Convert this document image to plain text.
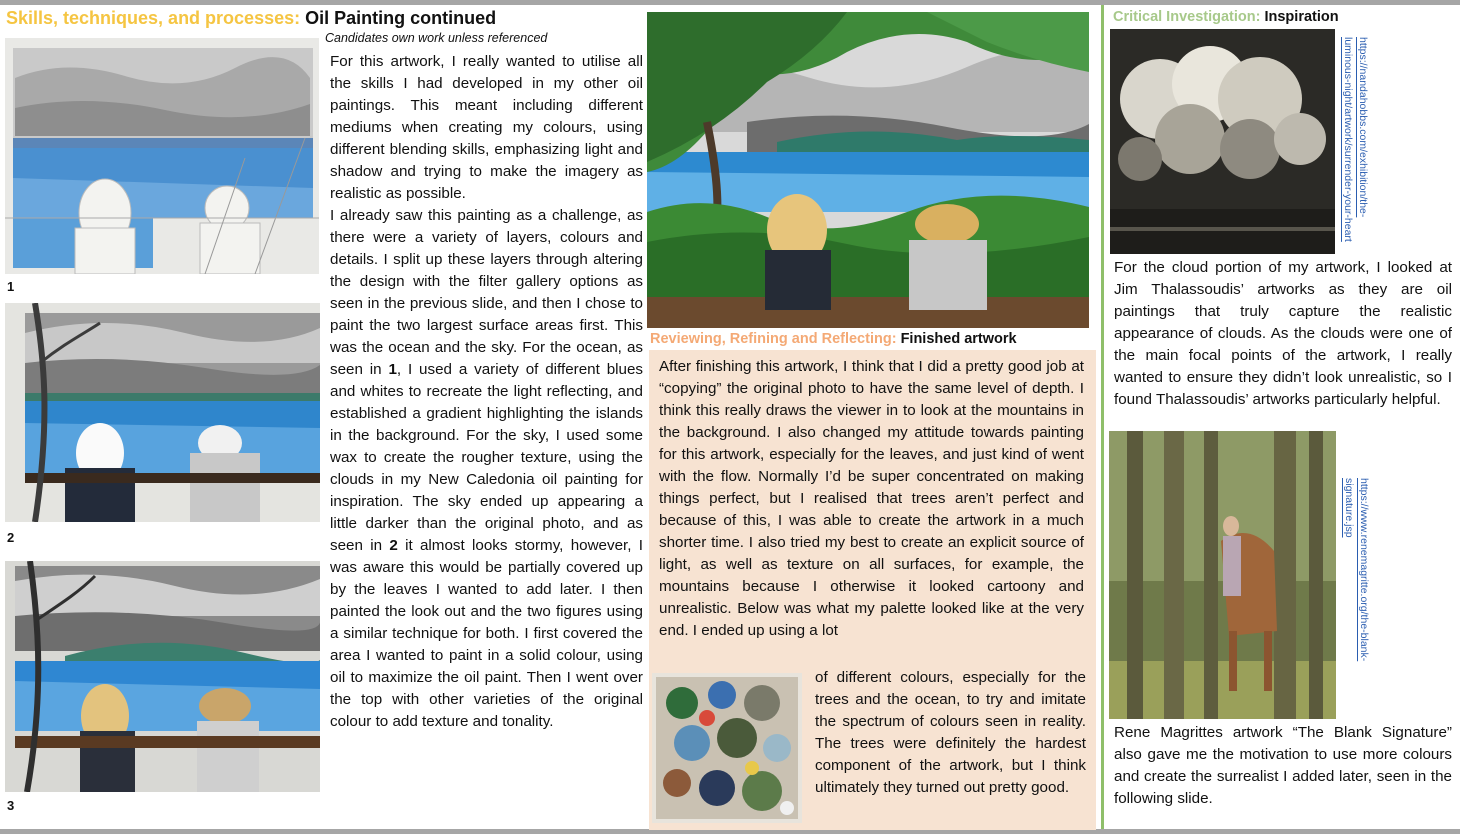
Skills, techniques, and processes: Oil Painting continued
Candidates own work unless referenced
1
2
3
For this artwork, I really wanted to utilise all the skills I had developed in my other oil paintings. This meant including different mediums when creating my colours, using different blending skills, emphasizing light and shadow and trying to make the imagery as realistic as possible.
I already saw this painting as a challenge, as there were a variety of layers, colours and details. I split up these layers through altering the design with the filter gallery options as seen in the previous slide, and then I chose to paint the two largest surface areas first. This was the ocean and the sky. For the ocean, as seen in 1, I used a variety of different blues and whites to recreate the light reflecting, and established a gradient highlighting the islands in the background. For the sky, I used some wax to create the rougher texture, using the clouds in my New Caledonia oil painting for inspiration. The sky ended up appearing a little darker than the original photo, and as seen in 2 it almost looks stormy, however, I was aware this would be partially covered up by the leaves I wanted to add later. I then painted the look out and the two figures using a similar technique for both. I first covered the area I wanted to paint in a solid colour, using oil to maximize the oil paint. Then I went over the top with other varieties of the original colour to add texture and tonality.
Reviewing, Refining and Reflecting: Finished artwork
After finishing this artwork, I think that I did a pretty good job at “copying” the original photo to have the same level of depth. I think this really draws the viewer in to look at the mountains in the background. I also changed my attitude towards painting for this artwork, especially for the leaves, and just kind of went with the flow. Normally I’d be super concentrated on making things perfect, but I realised that trees aren’t perfect and because of this, I was able to create the artwork in a much shorter time. I also tried my best to create an explicit source of light, as well as texture on all surfaces, for example, the mountains because I otherwise it looked cartoony and unrealistic. Below was what my palette looked like at the very end. I ended up using a lot
of different colours, especially for the trees and the ocean, to try and imitate the spectrum of colours seen in reality. The trees were definitely the hardest component of the artwork, but I think ultimately they turned out pretty good.
Critical Investigation: Inspiration
https://nandahobbs.com/exhibition/the-luminous-night/artwork/surrender-your-heart
For the cloud portion of my artwork, I looked at Jim Thalassoudis’ artworks as they are oil paintings that truly capture the realistic appearance of clouds. As the clouds were one of the main focal points of the artwork, I really wanted to ensure they didn’t look unrealistic, so I found Thalassoudis’ artworks particularly helpful.
https://www.renemagritte.org/the-blank-signature.jsp
Rene Magrittes artwork “The Blank Signature” also gave me the motivation to use more colours and create the surrealist I added later, seen in the following slide.
